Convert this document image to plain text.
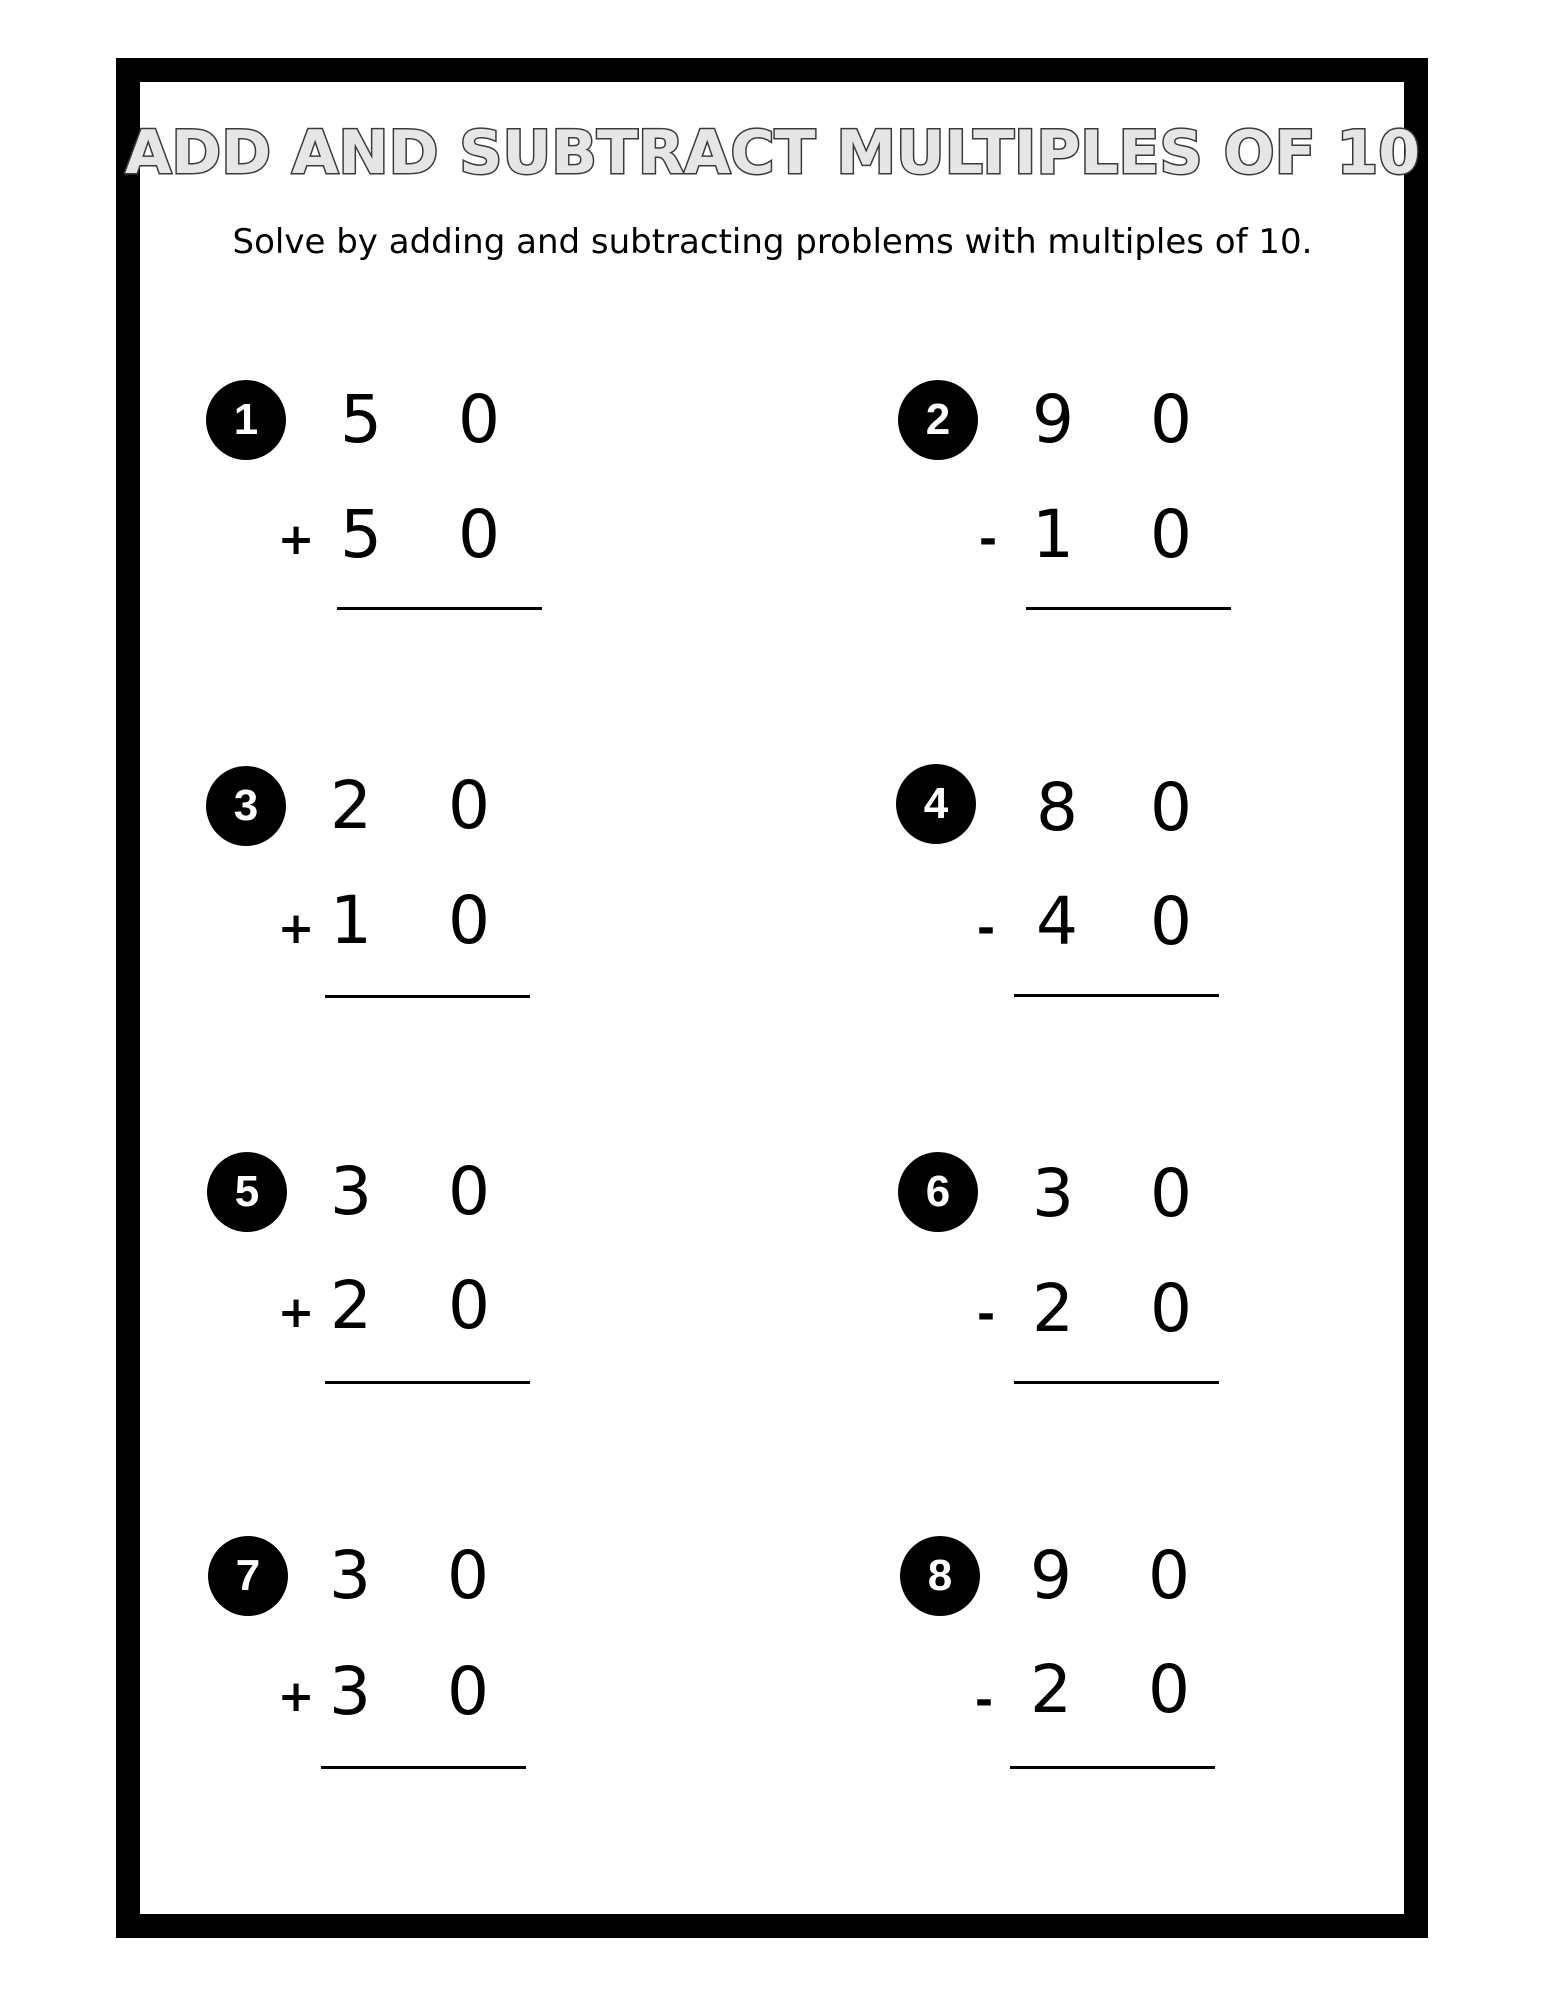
ADD AND SUBTRACT MULTIPLES OF 10
Solve by adding and subtracting problems with multiples of 10.
1	5 0
+ 5 0
2	9 0
- 1 0
3	2 0
+ 1 0
4	8 0
- 4 0
5	3 0
+ 2 0
6	3 0
- 2 0
7	3 0
+ 3 0
8	9 0
- 2 0
